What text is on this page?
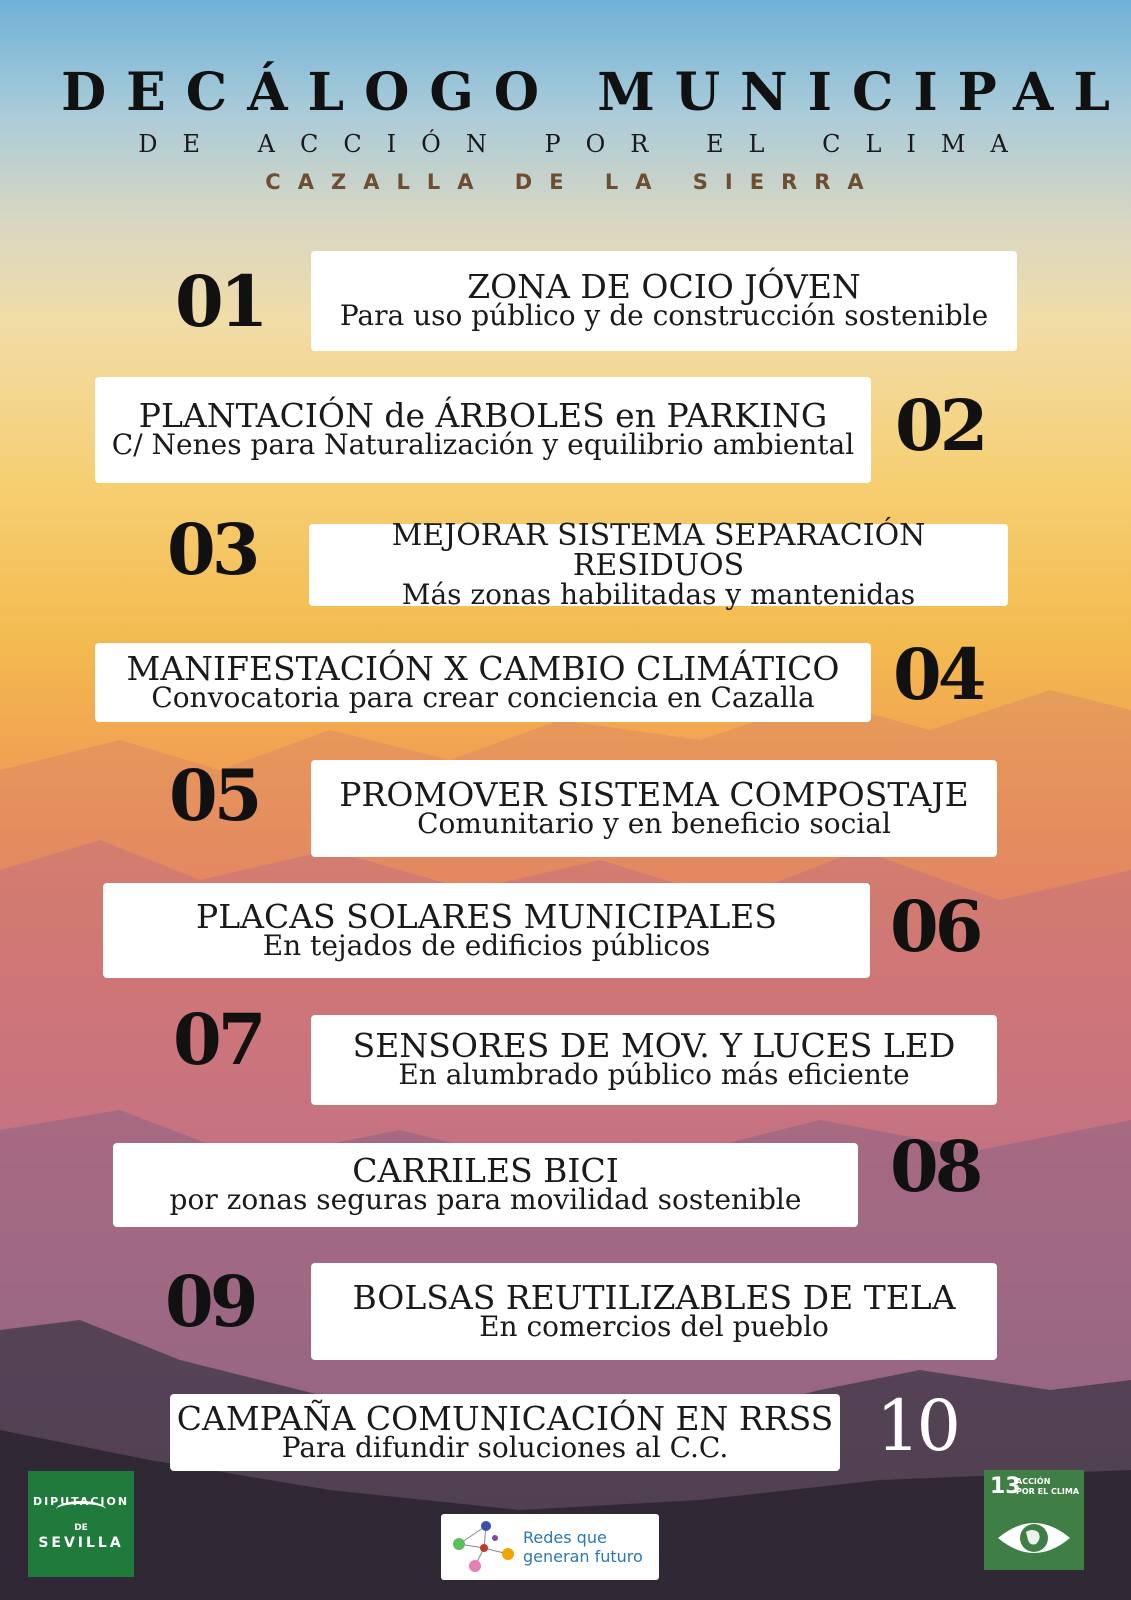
DECÁLOGO MUNICIPAL
DE ACCIÓN POR EL CLIMA
CAZALLA DE LA SIERRA
01	ZONA DE OCIO JÓVEN
Para uso público y de construcción sostenible
PLANTACIÓN de ÁRBOLES en PARKING
C/ Nenes para Naturalización y equilibrio ambiental 02
03	MEJORAR SISTEMA SEPARACIÓN RESIDUOS
Más zonas habilitadas y mantenidas
MANIFESTACIÓN X CAMBIO CLIMÁTICO
Convocatoria para crear conciencia en Cazalla	04
05	PROMOVER SISTEMA COMPOSTAJE
Comunitario y en beneficio social
PLACAS SOLARES MUNICIPALES
En tejados de edificios públicos	06
07	SENSORES DE MOV. Y LUCES LED
En alumbrado público más eficiente
CARRILES BICI
por zonas seguras para movilidad sostenible	08
09	BOLSAS REUTILIZABLES DE TELA
En comercios del pueblo
CAMPAÑA COMUNICACIÓN EN RRSS
Para difundir soluciones al C.C.	10
DIPUTACION
DE
SEVILLA	Redes que
generan futuro
13
ACCIÓN
POR EL CLIMA
